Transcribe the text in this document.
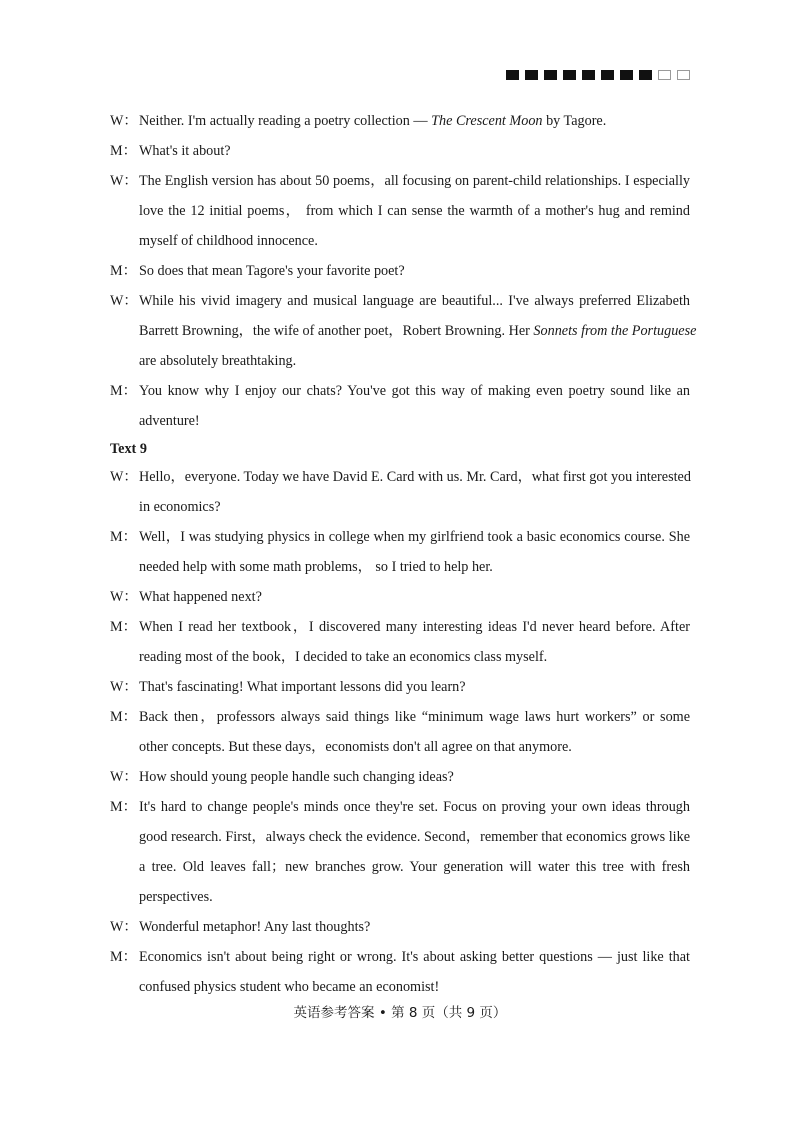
W： Neither. I'm actually reading a poetry collection — The Crescent Moon by Tagore.
M： What's it about?
W： The English version has about 50 poems，all focusing on parent-child relationships. I especially
love the 12 initial poems， from which I can sense the warmth of a mother's hug and remind
myself of childhood innocence.
M： So does that mean Tagore's your favorite poet?
W： While his vivid imagery and musical language are beautiful... I've always preferred Elizabeth
Barrett Browning，the wife of another poet，Robert Browning. Her Sonnets from the Portuguese
are absolutely breathtaking.
M： You know why I enjoy our chats? You've got this way of making even poetry sound like an
adventure!
Text 9
W： Hello，everyone. Today we have David E. Card with us. Mr. Card，what first got you interested
in economics?
M： Well，I was studying physics in college when my girlfriend took a basic economics course. She
needed help with some math problems， so I tried to help her.
W： What happened next?
M： When I read her textbook，I discovered many interesting ideas I'd never heard before. After
reading most of the book，I decided to take an economics class myself.
W： That's fascinating! What important lessons did you learn?
M： Back then，professors always said things like “minimum wage laws hurt workers” or some
other concepts. But these days，economists don't all agree on that anymore.
W： How should young people handle such changing ideas?
M： It's hard to change people's minds once they're set. Focus on proving your own ideas through
good research. First，always check the evidence. Second，remember that economics grows like
a tree. Old leaves fall；new branches grow. Your generation will water this tree with fresh
perspectives.
W： Wonderful metaphor! Any last thoughts?
M： Economics isn't about being right or wrong. It's about asking better questions — just like that
confused physics student who became an economist!
英语参考答案 • 第 8 页（共 9 页）
